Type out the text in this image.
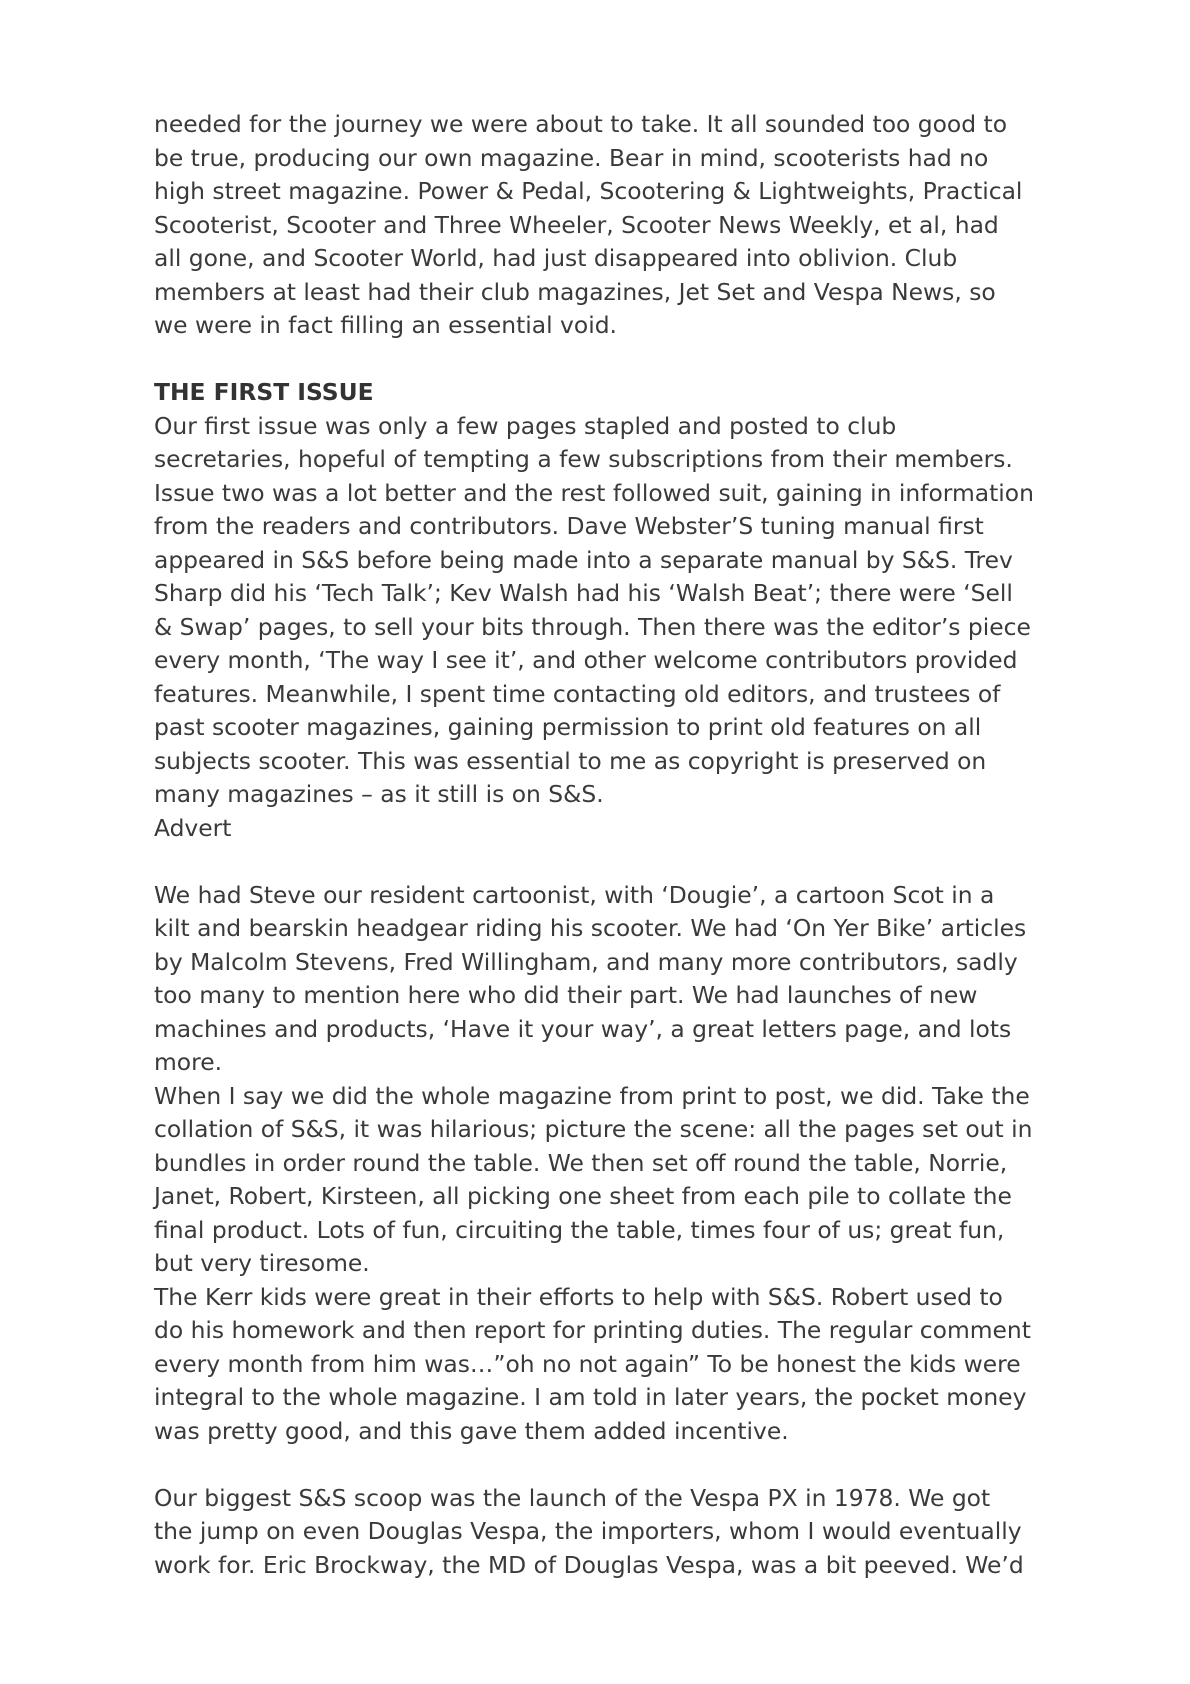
needed for the journey we were about to take. It all sounded too good to

be true, producing our own magazine. Bear in mind, scooterists had no

high street magazine. Power & Pedal, Scootering & Lightweights, Practical

Scooterist, Scooter and Three Wheeler, Scooter News Weekly, et al, had

all gone, and Scooter World, had just disappeared into oblivion. Club

members at least had their club magazines, Jet Set and Vespa News, so

we were in fact filling an essential void.

THE FIRST ISSUE

Our first issue was only a few pages stapled and posted to club

secretaries, hopeful of tempting a few subscriptions from their members.

Issue two was a lot better and the rest followed suit, gaining in information

from the readers and contributors. Dave Webster’S tuning manual first

appeared in S&S before being made into a separate manual by S&S. Trev

Sharp did his ‘Tech Talk’; Kev Walsh had his ‘Walsh Beat’; there were ‘Sell

& Swap’ pages, to sell your bits through. Then there was the editor’s piece

every month, ‘The way I see it’, and other welcome contributors provided

features. Meanwhile, I spent time contacting old editors, and trustees of

past scooter magazines, gaining permission to print old features on all

subjects scooter. This was essential to me as copyright is preserved on

many magazines – as it still is on S&S.

Advert

We had Steve our resident cartoonist, with ‘Dougie’, a cartoon Scot in a

kilt and bearskin headgear riding his scooter. We had ‘On Yer Bike’ articles

by Malcolm Stevens, Fred Willingham, and many more contributors, sadly

too many to mention here who did their part. We had launches of new

machines and products, ‘Have it your way’, a great letters page, and lots

more.

When I say we did the whole magazine from print to post, we did. Take the

collation of S&S, it was hilarious; picture the scene: all the pages set out in

bundles in order round the table. We then set off round the table, Norrie,

Janet, Robert, Kirsteen, all picking one sheet from each pile to collate the

final product. Lots of fun, circuiting the table, times four of us; great fun,

but very tiresome.

The Kerr kids were great in their efforts to help with S&S. Robert used to

do his homework and then report for printing duties. The regular comment

every month from him was…”oh no not again” To be honest the kids were

integral to the whole magazine. I am told in later years, the pocket money

was pretty good, and this gave them added incentive.

Our biggest S&S scoop was the launch of the Vespa PX in 1978. We got

the jump on even Douglas Vespa, the importers, whom I would eventually

work for. Eric Brockway, the MD of Douglas Vespa, was a bit peeved. We’d
